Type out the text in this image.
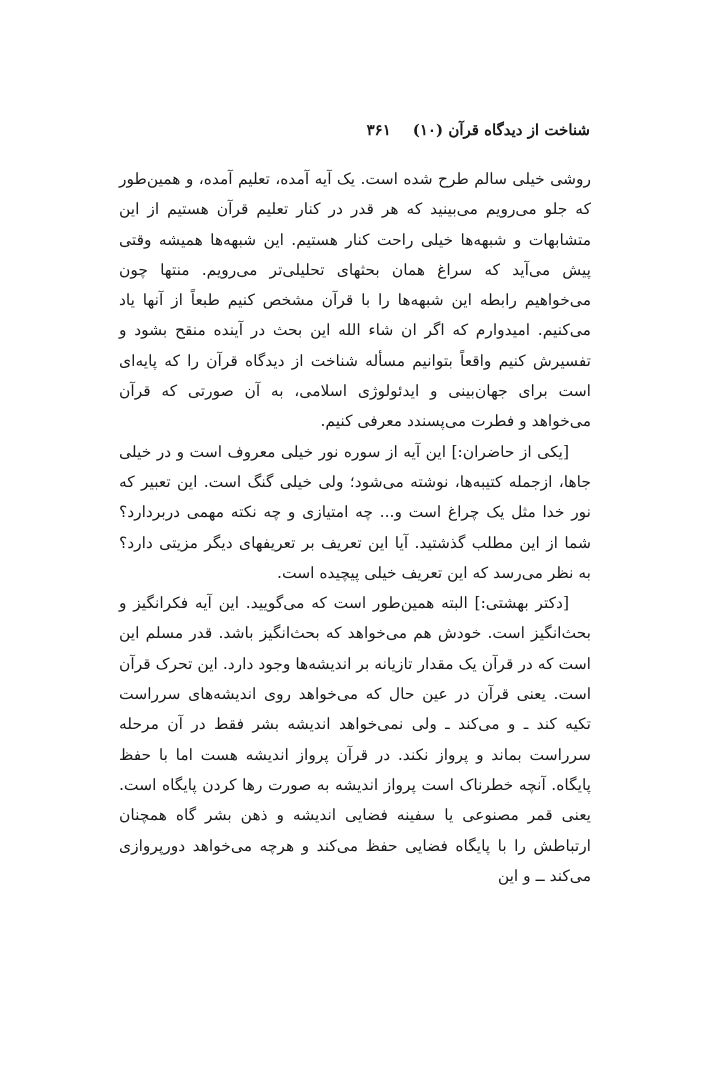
شناخت از دیدگاه قرآن (۱۰)
۳۶۱

روشی خیلی سالم طرح شده است. یک آیه آمده، تعلیم آمده، و همین‌طور که جلو می‌رویم می‌بینید که هر قدر در کنار تعلیم قرآن هستیم از این متشابهات و شبهه‌ها خیلی راحت کنار هستیم. این شبهه‌ها همیشه وقتی پیش می‌آید که سراغ همان بحثهای تحلیلی‌تر می‌رویم. منتها چون می‌خواهیم رابطه این شبهه‌ها را با قرآن مشخص کنیم طبعاً از آنها یاد می‌کنیم. امیدوارم که اگر ان شاء الله این بحث در آینده منقح بشود و تفسیرش کنیم واقعاً بتوانیم مسأله شناخت از دیدگاه قرآن را که پایه‌ای است برای جهان‌بینی و ایدئولوژی اسلامی، به آن صورتی که قرآن می‌خواهد و فطرت می‌پسندد معرفی کنیم.

[یکی از حاضران:] این آیه از سوره نور خیلی معروف است و در خیلی جاها، ازجمله کتیبه‌ها، نوشته می‌شود؛ ولی خیلی گنگ است. این تعبیر که نور خدا مثل یک چراغ است و... چه امتیازی و چه نکته مهمی دربردارد؟ شما از این مطلب گذشتید. آیا این تعریف بر تعریفهای دیگر مزیتی دارد؟ به نظر می‌رسد که این تعریف خیلی پیچیده است.

[دکتر بهشتی:] البته همین‌طور است که می‌گویید. این آیه فکرانگیز و بحث‌انگیز است. خودش هم می‌خواهد که بحث‌انگیز باشد. قدر مسلم این است که در قرآن یک مقدار تازیانه بر اندیشه‌ها وجود دارد. این تحرک قرآن است. یعنی قرآن در عین حال که می‌خواهد روی اندیشه‌های سرراست تکیه کند ـ و می‌کند ـ ولی نمی‌خواهد اندیشه بشر فقط در آن مرحله سرراست بماند و پرواز نکند. در قرآن پرواز اندیشه هست اما با حفظ پایگاه. آنچه خطرناک است پرواز اندیشه به صورت رها کردن پایگاه است. یعنی قمر مصنوعی یا سفینه فضایی اندیشه و ذهن بشر گاه همچنان ارتباطش را با پایگاه فضایی حفظ می‌کند و هرچه می‌خواهد دورپروازی می‌کند ــ و این
